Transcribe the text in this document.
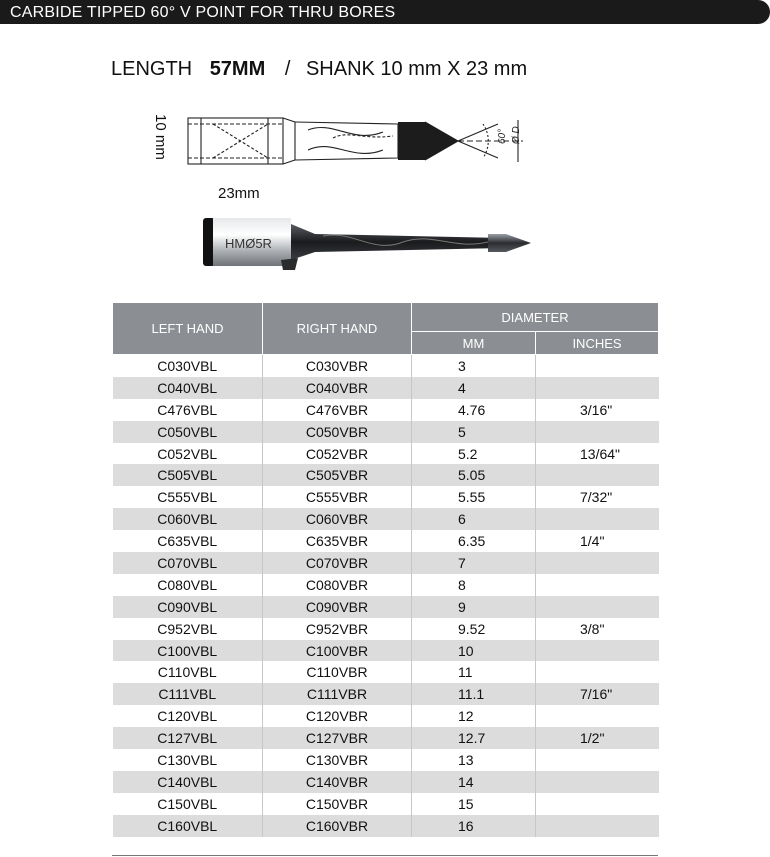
CARBIDE TIPPED 60° V POINT FOR THRU BORES
LENGTH 57MM / SHANK 10 mm X 23 mm
10 mm
23mm
60° Ø D
HMØ5R
LEFT HAND	RIGHT HAND	DIAMETER	
		MM	INCHES
C030VBL	C030VBR	3	
C040VBL	C040VBR	4	
C476VBL	C476VBR	4.76	3/16"
C050VBL	C050VBR	5	
C052VBL	C052VBR	5.2	13/64"
C505VBL	C505VBR	5.05	
C555VBL	C555VBR	5.55	7/32"
C060VBL	C060VBR	6	
C635VBL	C635VBR	6.35	1/4"
C070VBL	C070VBR	7	
C080VBL	C080VBR	8	
C090VBL	C090VBR	9	
C952VBL	C952VBR	9.52	3/8"
C100VBL	C100VBR	10	
C110VBL	C110VBR	11	
C111VBL	C111VBR	11.1	7/16"
C120VBL	C120VBR	12	
C127VBL	C127VBR	12.7	1/2"
C130VBL	C130VBR	13	
C140VBL	C140VBR	14	
C150VBL	C150VBR	15	
C160VBL	C160VBR	16	
